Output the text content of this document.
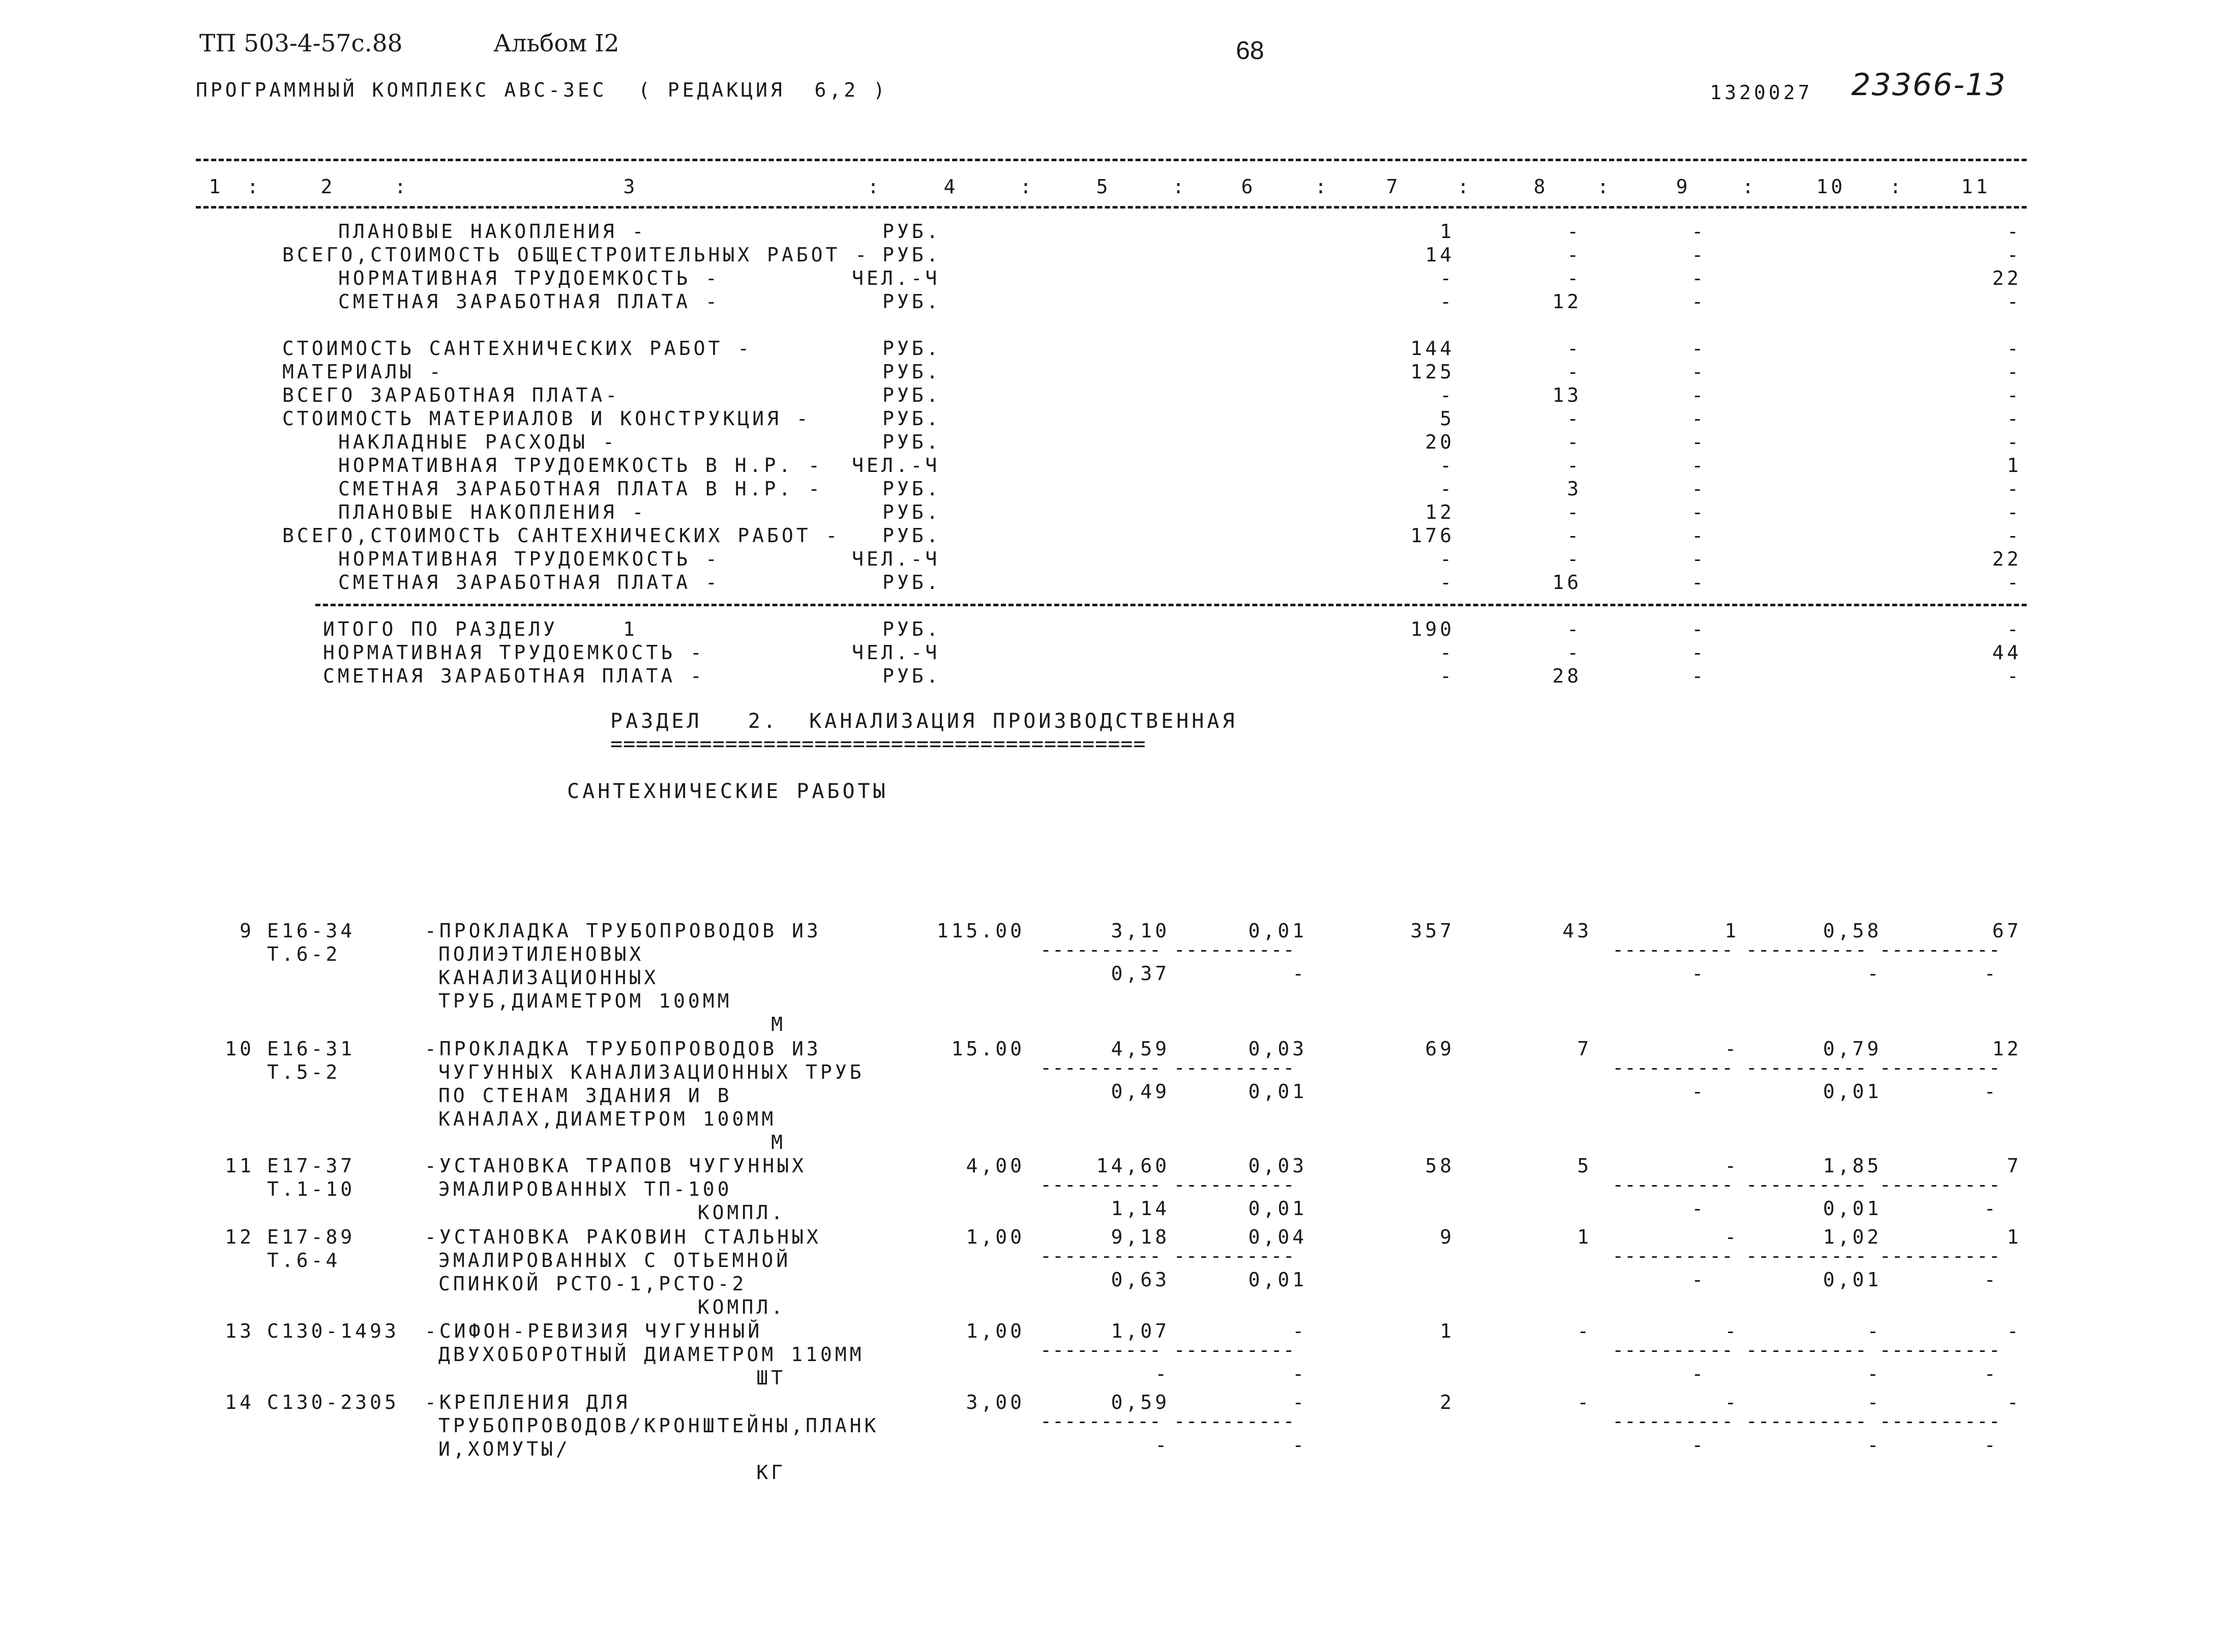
ТП 503-4-57с.88	Альбом I2	68
ПРОГРАММНЫЙ КОМПЛЕКС АВС-ЗЕС ( РЕДАКЦИЯ  6,2 )	1320027 23366-13
1	:	2	:	3	:	4	:	5	:	6	:	7	:	8	:	9	:	10	:	11
ПЛАНОВЫЕ НАКОПЛЕНИЯ -	РУБ.	1	-	-	-
ВСЕГО,СТОИМОСТЬ ОБЩЕСТРОИТЕЛЬНЫХ РАБОТ - РУБ.	14	-	-	-
НОРМАТИВНАЯ ТРУДОЕМКОСТЬ -	ЧЕЛ.-Ч	-	-	-	22
СМЕТНАЯ ЗАРАБОТНАЯ ПЛАТА -	РУБ.	-	12	-	-
СТОИМОСТЬ САНТЕХНИЧЕСКИХ РАБОТ -	РУБ.	144	-	-	-
МАТЕРИАЛЫ -	РУБ.	125	-	-	-
ВСЕГО ЗАРАБОТНАЯ ПЛАТА-	РУБ.	-	13	-	-
СТОИМОСТЬ МАТЕРИАЛОВ И КОНСТРУКЦИЯ -	РУБ.	5	-	-	-
НАКЛАДНЫЕ РАСХОДЫ -	РУБ.	20	-	-	-
НОРМАТИВНАЯ ТРУДОЕМКОСТЬ В Н.Р. - ЧЕЛ.-Ч	-	-	-	1
СМЕТНАЯ ЗАРАБОТНАЯ ПЛАТА В Н.Р. -	РУБ.	-	3	-	-
ПЛАНОВЫЕ НАКОПЛЕНИЯ -	РУБ.	12	-	-	-
ВСЕГО,СТОИМОСТЬ САНТЕХНИЧЕСКИХ РАБОТ - РУБ.	176	-	-	-
НОРМАТИВНАЯ ТРУДОЕМКОСТЬ -	ЧЕЛ.-Ч	-	-	-	22
СМЕТНАЯ ЗАРАБОТНАЯ ПЛАТА -	РУБ.	-	16	-	-
ИТОГО ПО РАЗДЕЛУ	1	РУБ.	190	-	-	-
НОРМАТИВНАЯ ТРУДОЕМКОСТЬ -	ЧЕЛ.-Ч	-	-	-	44
СМЕТНАЯ ЗАРАБОТНАЯ ПЛАТА -	РУБ.	-	28	-	-
РАЗДЕЛ   2.  КАНАЛИЗАЦИЯ ПРОИЗВОДСТВЕННАЯ
==========================================
САНТЕХНИЧЕСКИЕ РАБОТЫ
9 Е16-34
Т.6-2
-ПРОКЛАДКА ТРУБОПРОВОДОВ ИЗ
ПОЛИЭТИЛЕНОВЫХ
КАНАЛИЗАЦИОННЫХ
ТРУБ,ДИАМЕТРОМ 100ММ
М
115.00	3,10	0,01	357	43	1	0,58	67
---------- ----------	---------- ---------- ----------
0,37	-	-	-	-
10 Е16-31
Т.5-2
-ПРОКЛАДКА ТРУБОПРОВОДОВ ИЗ
ЧУГУННЫХ КАНАЛИЗАЦИОННЫХ ТРУБ
ПО СТЕНАМ ЗДАНИЯ И В
КАНАЛАХ,ДИАМЕТРОМ 100ММ
М
15.00	4,59	0,03	69	7	-	0,79	12
---------- ----------	---------- ---------- ----------
0,49	0,01	-	0,01	-
11 Е17-37
Т.1-10
-УСТАНОВКА ТРАПОВ ЧУГУННЫХ
ЭМАЛИРОВАННЫХ ТП-100
КОМПЛ.
4,00	14,60	0,03	58	5	-	1,85	7
---------- ----------	---------- ---------- ----------
1,14	0,01	-	0,01	-
12 Е17-89
Т.6-4
-УСТАНОВКА РАКОВИН СТАЛЬНЫХ
ЭМАЛИРОВАННЫХ С ОТЬЕМНОЙ
СПИНКОЙ РСТО-1,РСТО-2
КОМПЛ.
1,00	9,18	0,04	9	1	-	1,02	1
---------- ----------	---------- ---------- ----------
0,63	0,01	-	0,01	-
13 С130-1493 -СИФОН-РЕВИЗИЯ ЧУГУННЫЙ
ДВУХОБОРОТНЫЙ ДИАМЕТРОМ 110ММ
ШТ
1,00	1,07	-	1	-	-	-	-
---------- ----------	---------- ---------- ----------
-	-	-	-	-
14 С130-2305 -КРЕПЛЕНИЯ ДЛЯ
ТРУБОПРОВОДОВ/КРОНШТЕЙНЫ,ПЛАНК
И,ХОМУТЫ/
КГ
3,00	0,59	-	2	-	-	-	-
---------- ----------	---------- ---------- ----------
-	-	-	-	-
